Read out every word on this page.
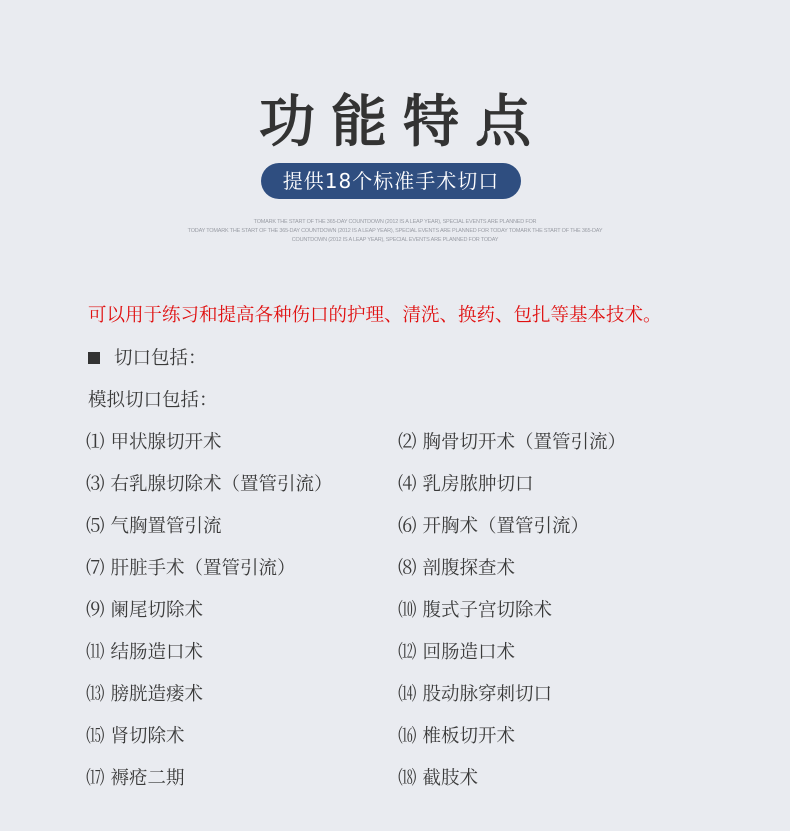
功能特点
提供18个标准手术切口
TOMARK THE START OF THE 365-DAY COUNTDOWN (2012 IS A LEAP YEAR), SPECIAL EVENTS ARE PLANNED FOR
TODAY TOMARK THE START OF THE 365-DAY COUNTDOWN (2012 IS A LEAP YEAR), SPECIAL EVENTS ARE PLANNED FOR TODAY TOMARK THE START OF THE 365-DAY
COUNTDOWN (2012 IS A LEAP YEAR), SPECIAL EVENTS ARE PLANNED FOR TODAY
可以用于练习和提高各种伤口的护理、清洗、换药、包扎等基本技术。
切口包括：
模拟切口包括：
⑴ 甲状腺切开术	⑵ 胸骨切开术（置管引流）
⑶ 右乳腺切除术（置管引流）	⑷ 乳房脓肿切口
⑸ 气胸置管引流	⑹ 开胸术（置管引流）
⑺ 肝脏手术（置管引流）	⑻ 剖腹探查术
⑼ 阑尾切除术	⑽ 腹式子宫切除术
⑾ 结肠造口术	⑿ 回肠造口术
⒀ 膀胱造瘘术	⒁ 股动脉穿刺切口
⒂ 肾切除术	⒃ 椎板切开术
⒄ 褥疮二期	⒅ 截肢术
